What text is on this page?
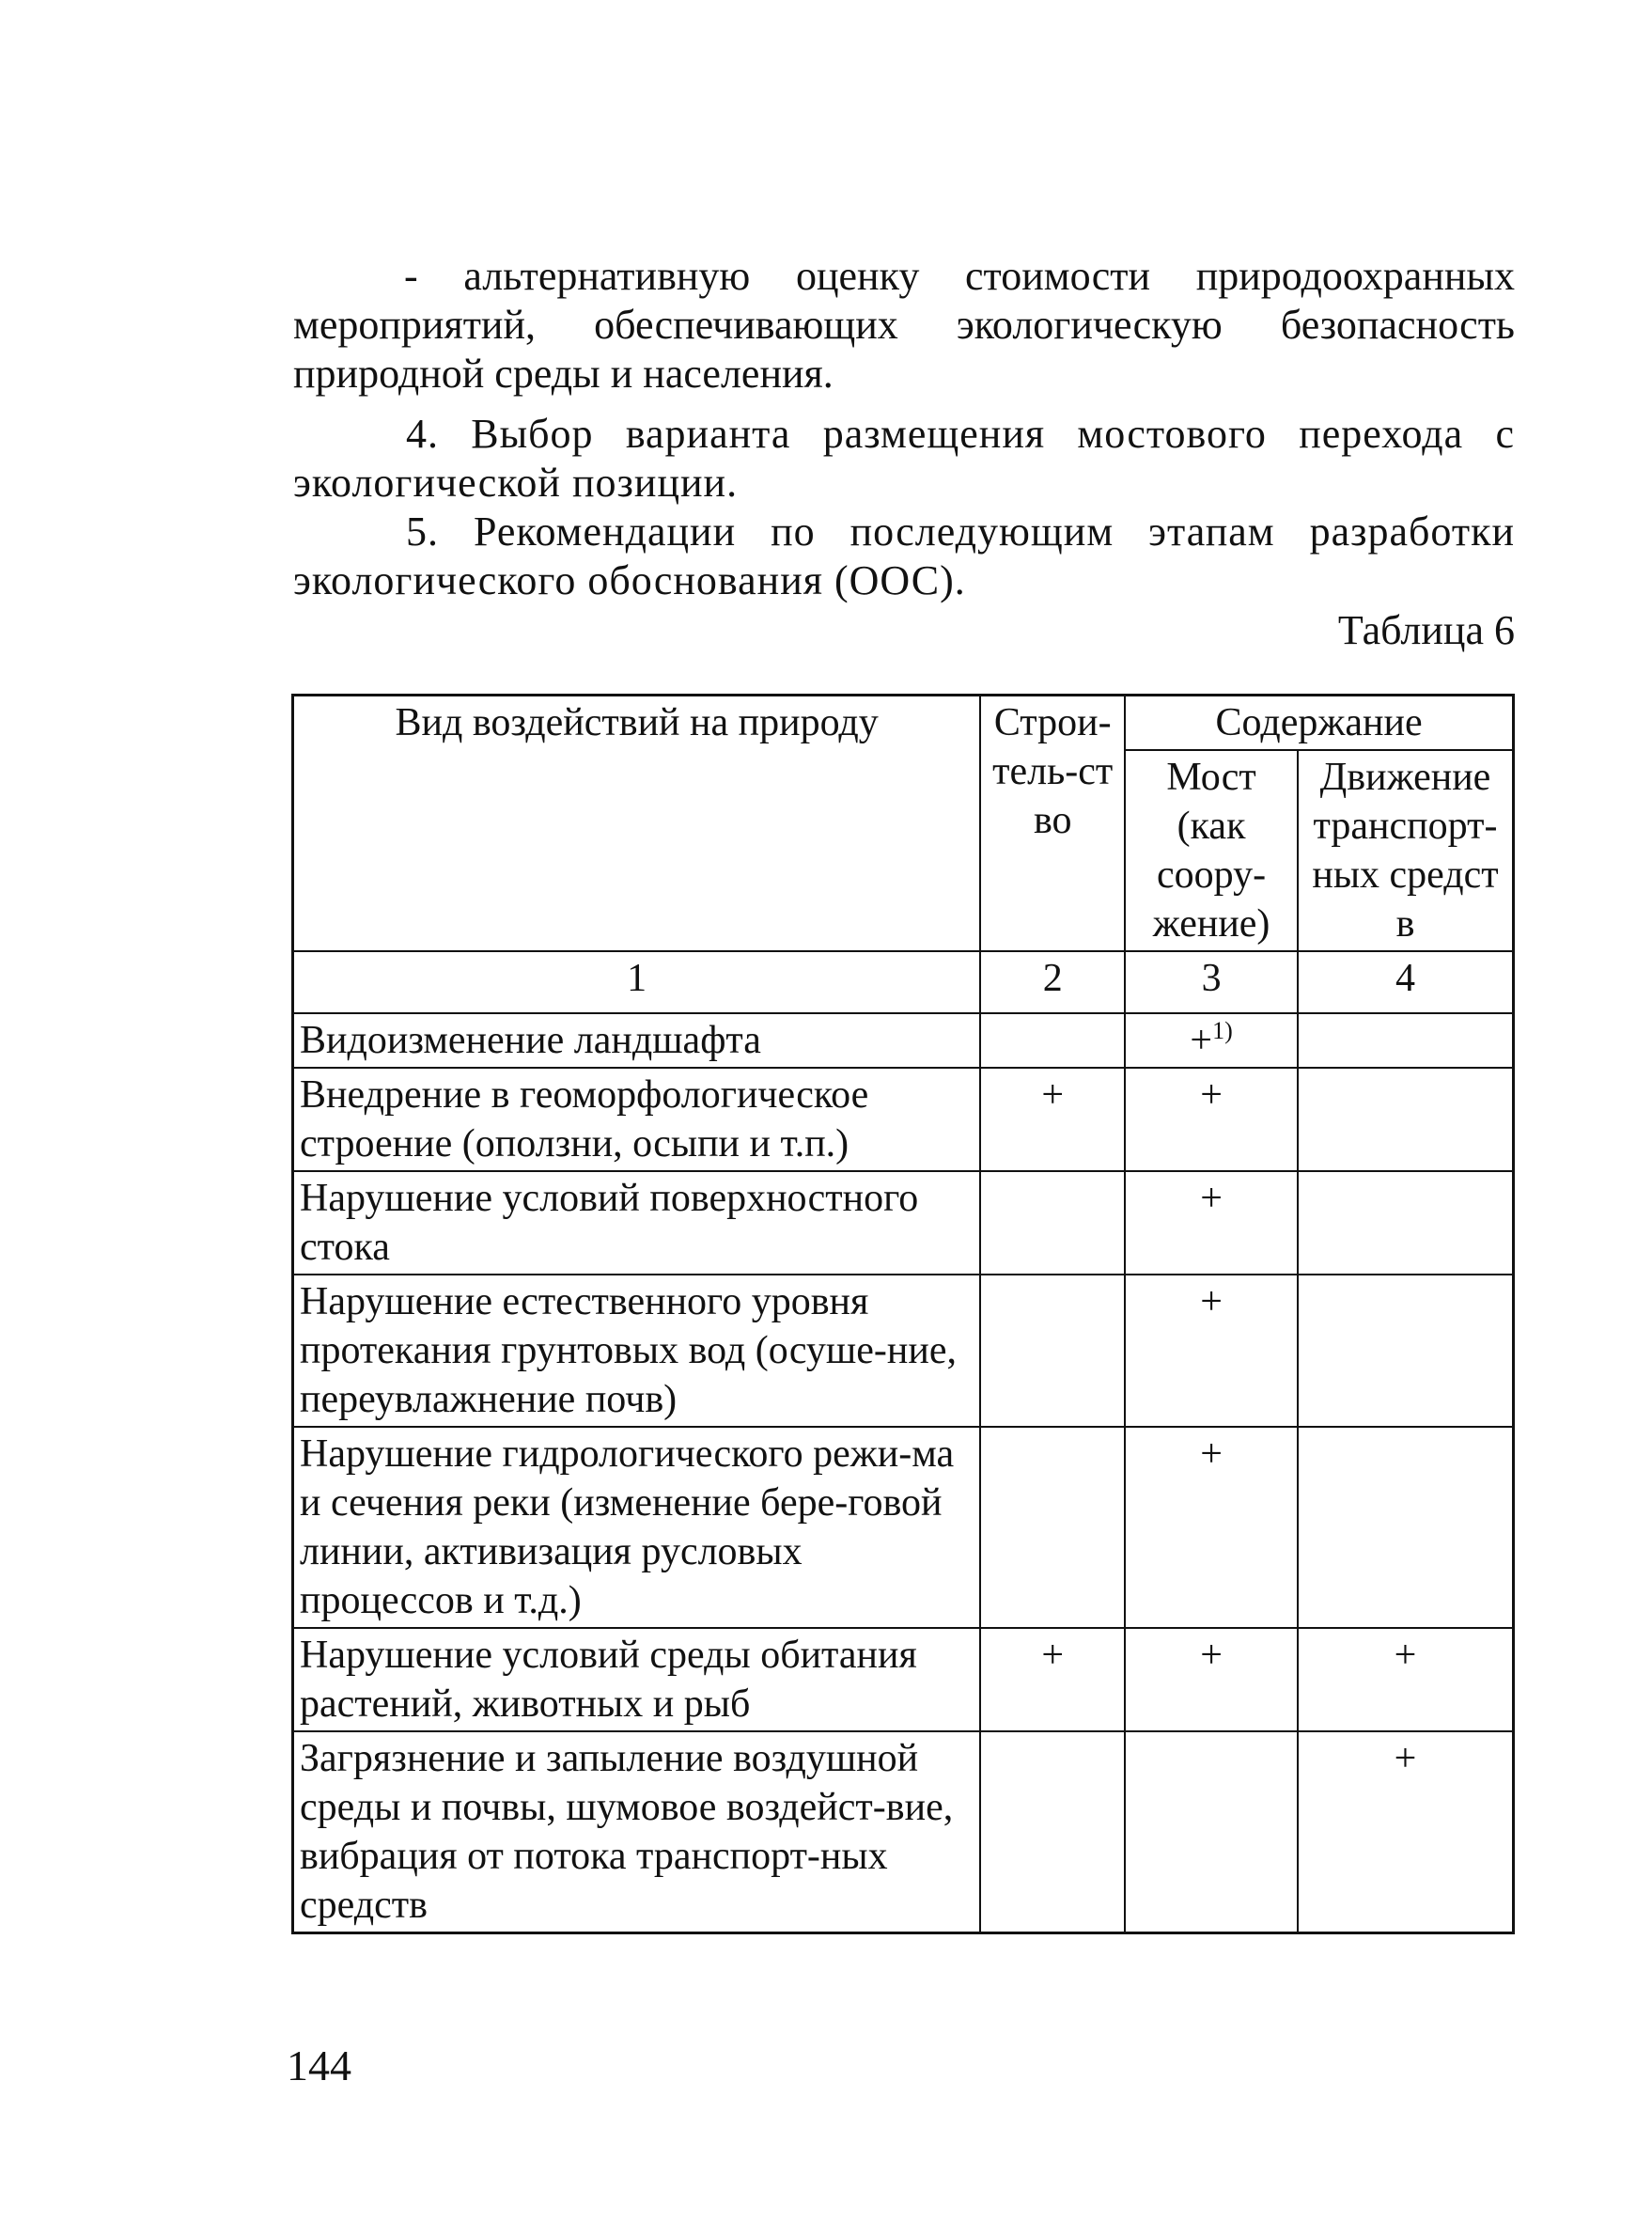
- альтернативную оценку стоимости природоохранных
мероприятий, обеспечивающих экологическую безопасность
природной среды и населения.
4. Выбор варианта размещения мостового перехода с
экологической позиции.
5. Рекомендации по последующим этапам разработки
экологического обоснования (ООС).
Таблица 6
Вид воздействий на природу	Строи-тель-ство	Содержание	

		Мост (как соору-жение)	Движение транспорт-ных средств

1	2	3	4
Видоизменение ландшафта		+$^{1)}$	
Внедрение в геоморфологическое строение (оползни, осыпи и т.п.)	+	+	
Нарушение условий поверхностного стока		+	
Нарушение естественного уровня протекания грунтовых вод (осуше-ние, переувлажнение почв)		+	
Нарушение гидрологического режи-ма и сечения реки (изменение бере-говой линии, активизация русловых процессов и т.д.)		+	
Нарушение условий среды обитания растений, животных и рыб	+	+	+
Загрязнение и запыление воздушной среды и почвы, шумовое воздейст-вие, вибрация от потока транспорт-ных средств			+
144
